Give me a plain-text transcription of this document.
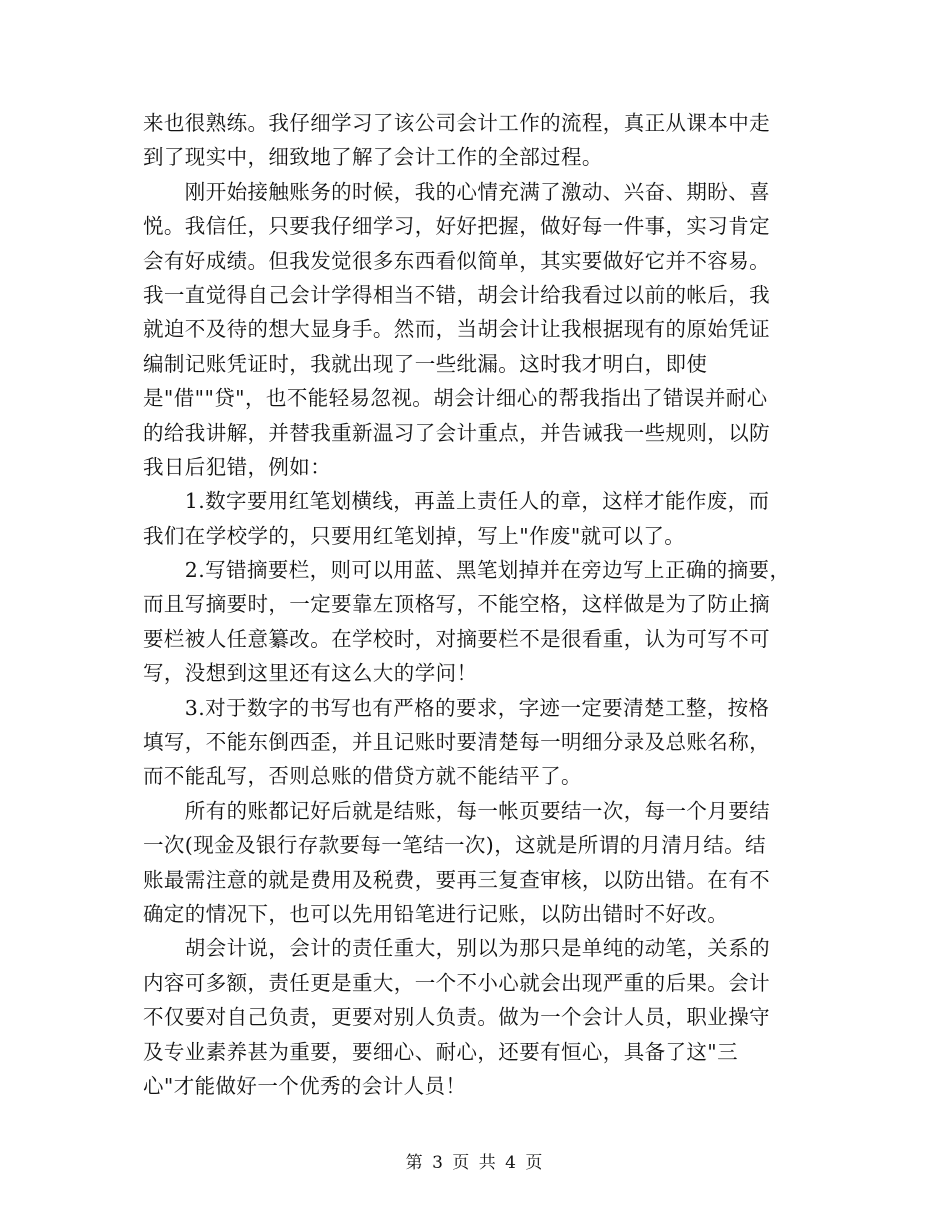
来也很熟练。我仔细学习了该公司会计工作的流程，真正从课本中走
到了现实中，细致地了解了会计工作的全部过程。
　　刚开始接触账务的时候，我的心情充满了激动、兴奋、期盼、喜
悦。我信任，只要我仔细学习，好好把握，做好每一件事，实习肯定
会有好成绩。但我发觉很多东西看似简单，其实要做好它并不容易。
我一直觉得自己会计学得相当不错，胡会计给我看过以前的帐后，我
就迫不及待的想大显身手。然而，当胡会计让我根据现有的原始凭证
编制记账凭证时，我就出现了一些纰漏。这时我才明白，即使
是"借""贷"，也不能轻易忽视。胡会计细心的帮我指出了错误并耐心
的给我讲解，并替我重新温习了会计重点，并告诫我一些规则，以防
我日后犯错，例如：
　　1.数字要用红笔划横线，再盖上责任人的章，这样才能作废，而
我们在学校学的，只要用红笔划掉，写上"作废"就可以了。
　　2.写错摘要栏，则可以用蓝、黑笔划掉并在旁边写上正确的摘要，
而且写摘要时，一定要靠左顶格写，不能空格，这样做是为了防止摘
要栏被人任意纂改。在学校时，对摘要栏不是很看重，认为可写不可
写，没想到这里还有这么大的学问！
　　3.对于数字的书写也有严格的要求，字迹一定要清楚工整，按格
填写，不能东倒西歪，并且记账时要清楚每一明细分录及总账名称，
而不能乱写，否则总账的借贷方就不能结平了。
　　所有的账都记好后就是结账，每一帐页要结一次，每一个月要结
一次(现金及银行存款要每一笔结一次)，这就是所谓的月清月结。结
账最需注意的就是费用及税费，要再三复查审核，以防出错。在有不
确定的情况下，也可以先用铅笔进行记账，以防出错时不好改。
　　胡会计说，会计的责任重大，别以为那只是单纯的动笔，关系的
内容可多额，责任更是重大，一个不小心就会出现严重的后果。会计
不仅要对自己负责，更要对别人负责。做为一个会计人员，职业操守
及专业素养甚为重要，要细心、耐心，还要有恒心，具备了这"三
心"才能做好一个优秀的会计人员！
第 3 页 共 4 页
